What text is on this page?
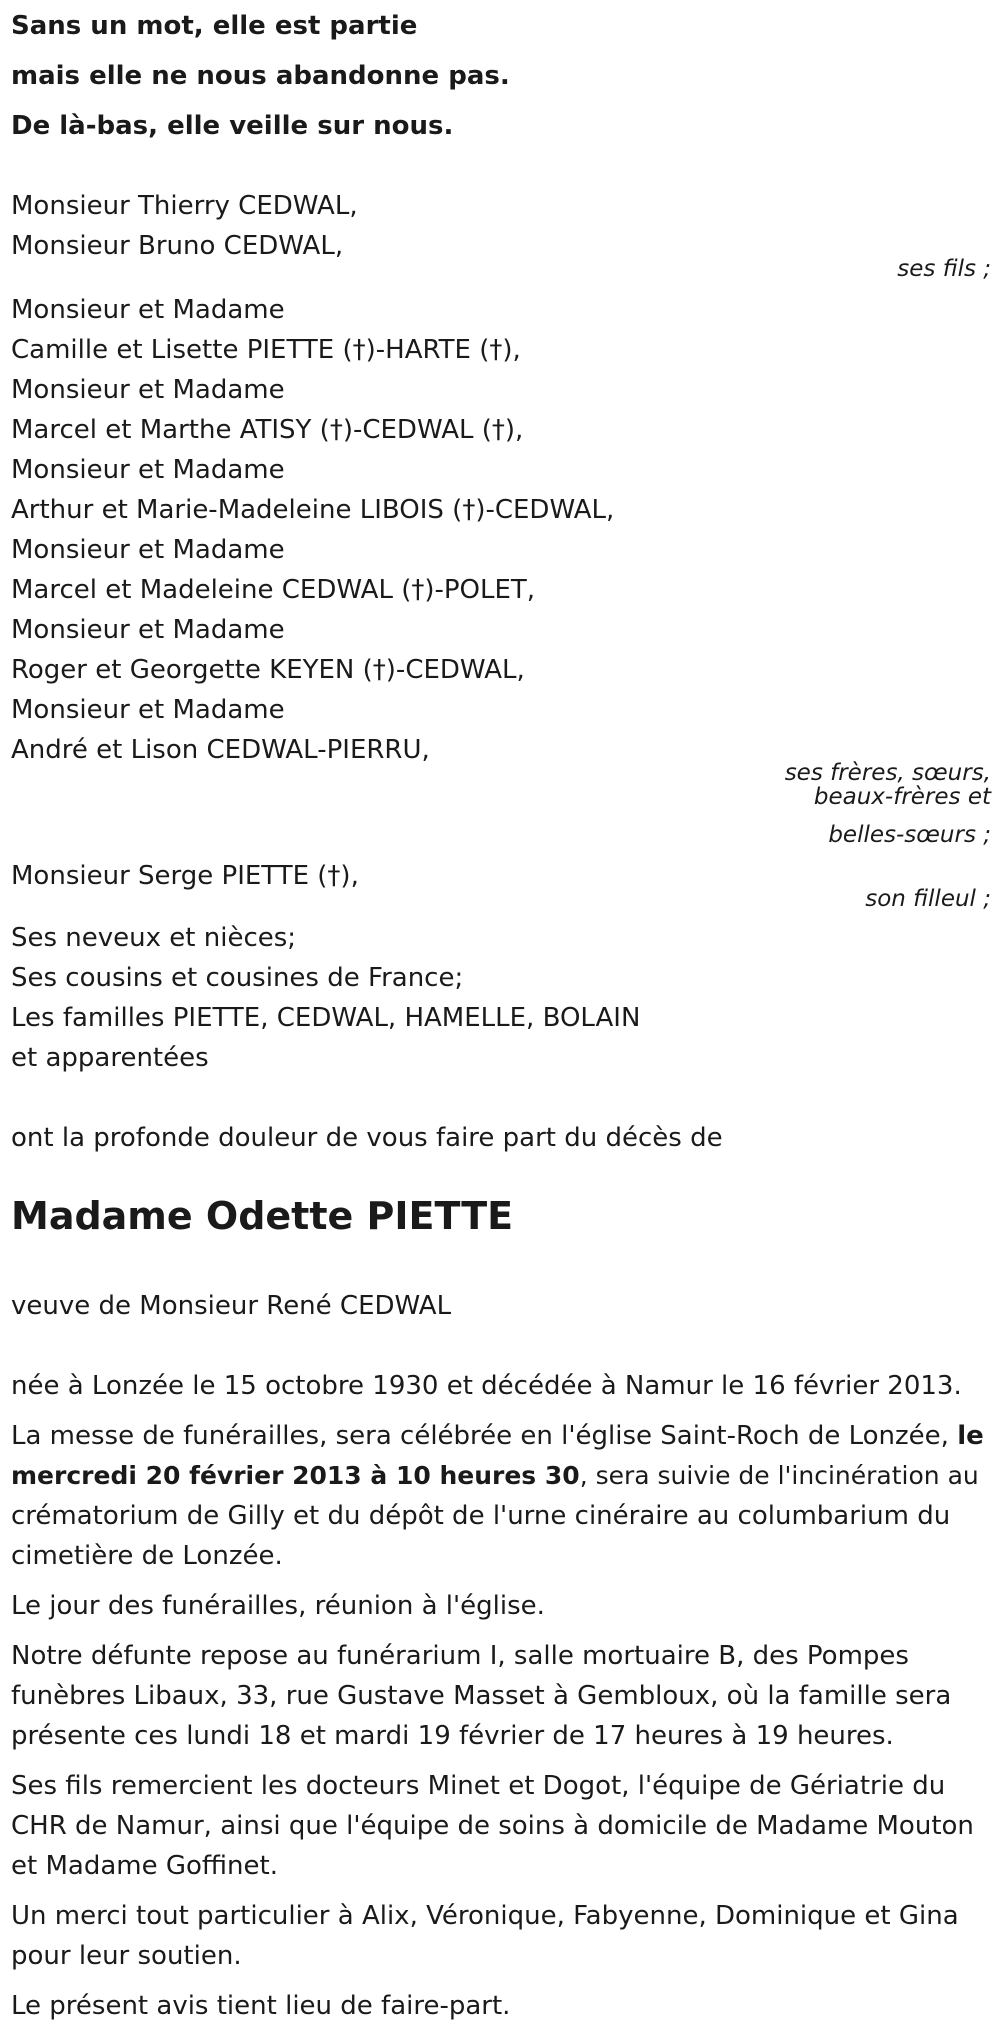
Sans un mot, elle est partie
mais elle ne nous abandonne pas.
De là-bas, elle veille sur nous.
Monsieur Thierry CEDWAL,
Monsieur Bruno CEDWAL,
ses fils ;
Monsieur et Madame
Camille et Lisette PIETTE (†)-HARTE (†),
Monsieur et Madame
Marcel et Marthe ATISY (†)-CEDWAL (†),
Monsieur et Madame
Arthur et Marie-Madeleine LIBOIS (†)-CEDWAL,
Monsieur et Madame
Marcel et Madeleine CEDWAL (†)-POLET,
Monsieur et Madame
Roger et Georgette KEYEN (†)-CEDWAL,
Monsieur et Madame
André et Lison CEDWAL-PIERRU,
ses frères, sœurs,
beaux-frères et
belles-sœurs ;
Monsieur Serge PIETTE (†),
son filleul ;
Ses neveux et nièces;
Ses cousins et cousines de France;
Les familles PIETTE, CEDWAL, HAMELLE, BOLAIN
et apparentées
ont la profonde douleur de vous faire part du décès de
Madame Odette PIETTE
veuve de Monsieur René CEDWAL
née à Lonzée le 15 octobre 1930 et décédée à Namur le 16 février 2013.
La messe de funérailles, sera célébrée en l'église Saint-Roch de Lonzée, le
mercredi 20 février 2013 à 10 heures 30, sera suivie de l'incinération au
crématorium de Gilly et du dépôt de l'urne cinéraire au columbarium du
cimetière de Lonzée.
Le jour des funérailles, réunion à l'église.
Notre défunte repose au funérarium I, salle mortuaire B, des Pompes
funèbres Libaux, 33, rue Gustave Masset à Gembloux, où la famille sera
présente ces lundi 18 et mardi 19 février de 17 heures à 19 heures.
Ses fils remercient les docteurs Minet et Dogot, l'équipe de Gériatrie du
CHR de Namur, ainsi que l'équipe de soins à domicile de Madame Mouton
et Madame Goffinet.
Un merci tout particulier à Alix, Véronique, Fabyenne, Dominique et Gina
pour leur soutien.
Le présent avis tient lieu de faire-part.
